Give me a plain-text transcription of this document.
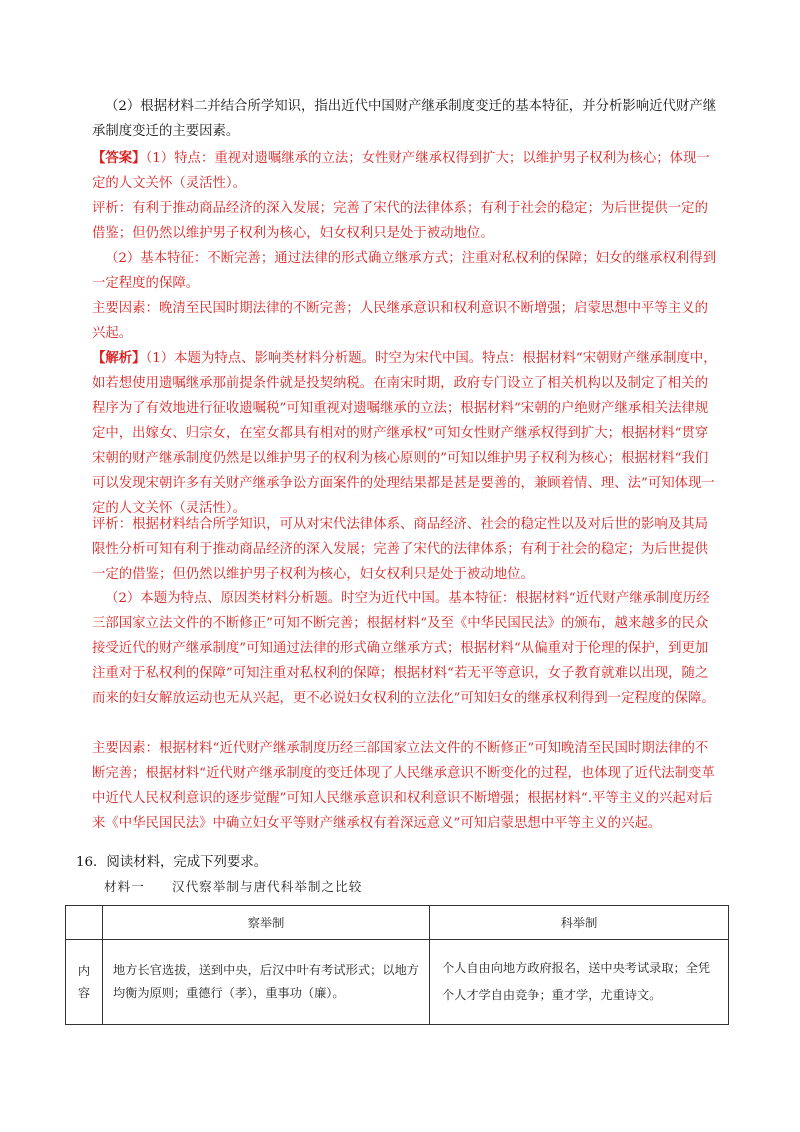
（2）根据材料二并结合所学知识，指出近代中国财产继承制度变迁的基本特征，并分析影响近代财产继承制度变迁的主要因素。
【答案】（1）特点：重视对遗嘱继承的立法；女性财产继承权得到扩大；以维护男子权利为核心；体现一定的人文关怀（灵活性）。
评析：有利于推动商品经济的深入发展；完善了宋代的法律体系；有利于社会的稳定；为后世提供一定的借鉴；但仍然以维护男子权利为核心，妇女权利只是处于被动地位。
（2）基本特征：不断完善；通过法律的形式确立继承方式；注重对私权利的保障；妇女的继承权利得到一定程度的保障。
主要因素：晚清至民国时期法律的不断完善；人民继承意识和权利意识不断增强；启蒙思想中平等主义的兴起。
【解析】（1）本题为特点、影响类材料分析题。时空为宋代中国。特点：根据材料“宋朝财产继承制度中，如若想使用遗嘱继承那前提条件就是投契纳税。在南宋时期，政府专门设立了相关机构以及制定了相关的程序为了有效地进行征收遗嘱税”可知重视对遗嘱继承的立法；根据材料“宋朝的户绝财产继承相关法律规定中，出嫁女、归宗女，在室女都具有相对的财产继承权”可知女性财产继承权得到扩大；根据材料“贯穿宋朝的财产继承制度仍然是以维护男子的权利为核心原则的”可知以维护男子权利为核心；根据材料“我们可以发现宋朝许多有关财产继承争讼方面案件的处理结果都是甚是要善的，兼顾着情、理、法”可知体现一定的人文关怀（灵活性）。
评析：根据材料结合所学知识，可从对宋代法律体系、商品经济、社会的稳定性以及对后世的影响及其局限性分析可知有利于推动商品经济的深入发展；完善了宋代的法律体系；有利于社会的稳定；为后世提供一定的借鉴；但仍然以维护男子权利为核心，妇女权利只是处于被动地位。
（2）本题为特点、原因类材料分析题。时空为近代中国。基本特征：根据材料“近代财产继承制度历经三部国家立法文件的不断修正”可知不断完善；根据材料“及至《中华民国民法》的颁布，越来越多的民众接受近代的财产继承制度”可知通过法律的形式确立继承方式；根据材料“从偏重对于伦理的保护，到更加注重对于私权利的保障”可知注重对私权利的保障；根据材料“若无平等意识，女子教育就难以出现，随之而来的妇女解放运动也无从兴起，更不必说妇女权利的立法化”可知妇女的继承权利得到一定程度的保障。
主要因素：根据材料“近代财产继承制度历经三部国家立法文件的不断修正”可知晚清至民国时期法律的不断完善；根据材料“近代财产继承制度的变迁体现了人民继承意识不断变化的过程，也体现了近代法制变革中近代人民权利意识的逐步觉醒”可知人民继承意识和权利意识不断增强；根据材料“.平等主义的兴起对后来《中华民国民法》中确立妇女平等财产继承权有着深远意义”可知启蒙思想中平等主义的兴起。
16．阅读材料，完成下列要求。
材料一　　汉代察举制与唐代科举制之比较
	察举制	科举制

内容	地方长官选拔，送到中央，后汉中叶有考试形式；以地方均衡为原则；重德行（孝），重事功（廉）。	个人自由向地方政府报名，送中央考试录取；全凭个人才学自由竞争；重才学，尤重诗文。
